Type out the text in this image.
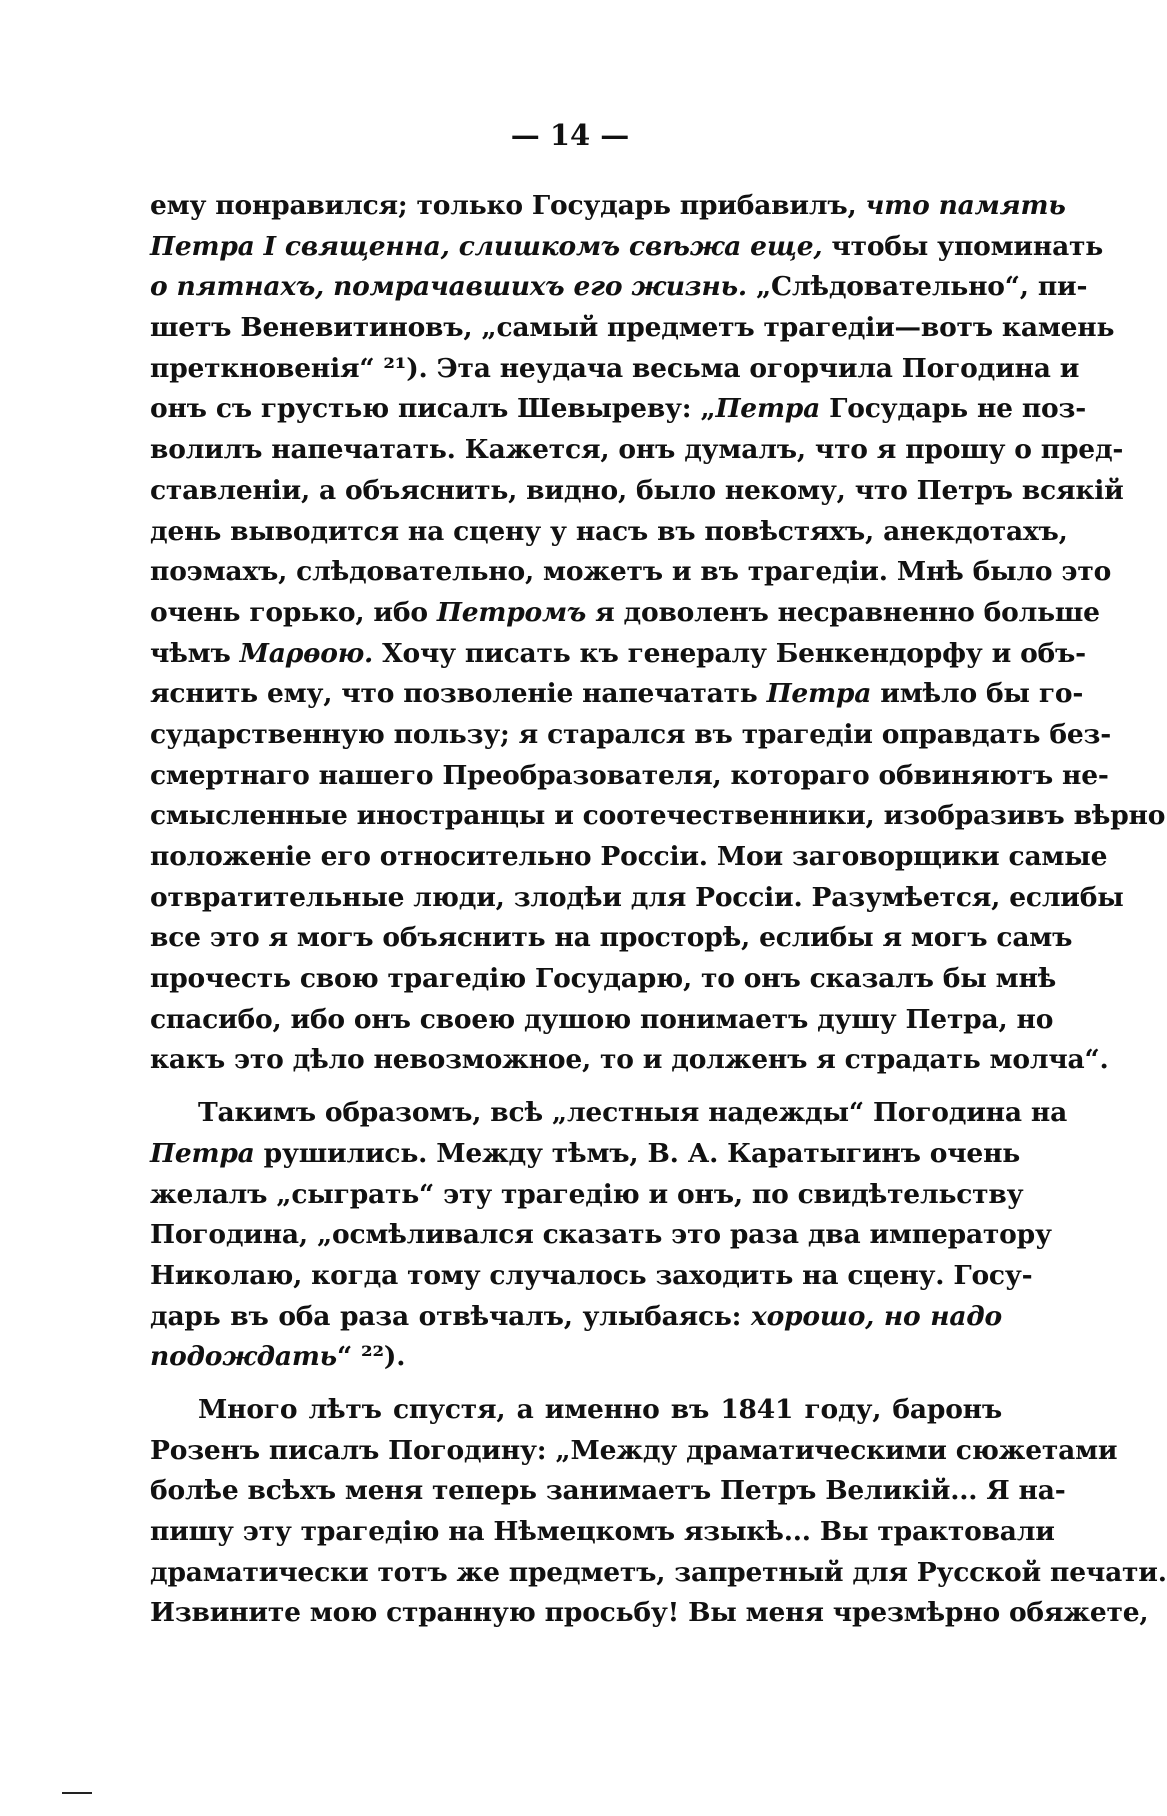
— 14 —
ему понравился; только Государь прибавилъ, что память
Петра I священна, слишкомъ свѣжа еще, чтобы упоминать
о пятнахъ, помрачавшихъ его жизнь. „Слѣдовательно“, пи-
шетъ Веневитиновъ, „самый предметъ трагедіи—вотъ камень
преткновенія“ ²¹). Эта неудача весьма огорчила Погодина и
онъ съ грустью писалъ Шевыреву: „Петра Государь не поз-
волилъ напечатать. Кажется, онъ думалъ, что я прошу о пред-
ставленіи, а объяснить, видно, было некому, что Петръ всякій
день выводится на сцену у насъ въ повѣстяхъ, анекдотахъ,
поэмахъ, слѣдовательно, можетъ и въ трагедіи. Мнѣ было это
очень горько, ибо Петромъ я доволенъ несравненно больше
чѣмъ Маρѳою. Хочу писать къ генералу Бенкендорфу и объ-
яснить ему, что позволеніе напечатать Петра имѣло бы го-
сударственную пользу; я старался въ трагедіи оправдать без-
смертнаго нашего Преобразователя, котораго обвиняютъ не-
смысленные иностранцы и соотечественники, изобразивъ вѣрно
положеніе его относительно Россіи. Мои заговорщики самые
отвратительные люди, злодѣи для Россіи. Разумѣется, еслибы
все это я могъ объяснить на просторѣ, еслибы я могъ самъ
прочесть свою трагедію Государю, то онъ сказалъ бы мнѣ
спасибо, ибо онъ своею душою понимаетъ душу Петра, но
какъ это дѣло невозможное, то и долженъ я страдать молча“.
Такимъ образомъ, всѣ „лестныя надежды“ Погодина на
Петра рушились. Между тѣмъ, В. А. Каратыгинъ очень
желалъ „сыграть“ эту трагедію и онъ, по свидѣтельству
Погодина, „осмѣливался сказать это раза два императору
Николаю, когда тому случалось заходить на сцену. Госу-
дарь въ оба раза отвѣчалъ, улыбаясь: хорошо, но надо
подождать“ ²²).
Много лѣтъ спустя, а именно въ 1841 году, баронъ
Розенъ писалъ Погодину: „Между драматическими сюжетами
болѣе всѣхъ меня теперь занимаетъ Петръ Великій... Я на-
пишу эту трагедію на Нѣмецкомъ языкѣ... Вы трактовали
драматически тотъ же предметъ, запретный для Русской печати.
Извините мою странную просьбу! Вы меня чрезмѣрно обяжете,
